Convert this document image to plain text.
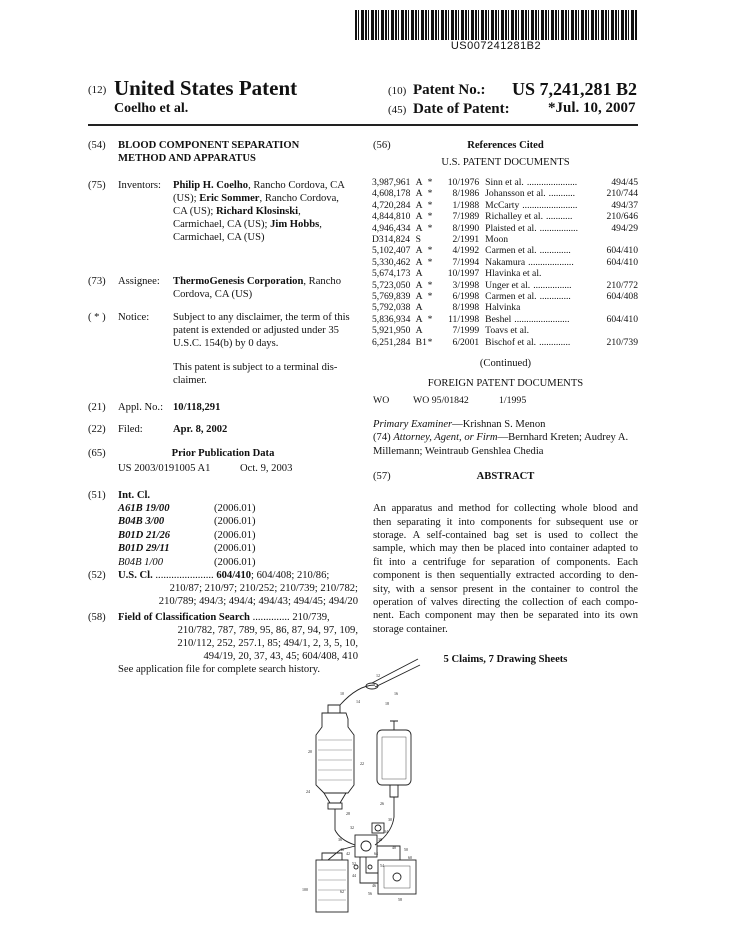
US007241281B2
(12) United States Patent
Coelho et al.
(10) Patent No.: US 7,241,281 B2
(45) Date of Patent:	*Jul. 10, 2007
(54) BLOOD COMPONENT SEPARATION
METHOD AND APPARATUS
(75) Inventors: Philip H. Coelho, Rancho Cordova, CA
(US); Eric Sommer, Rancho Cordova,
CA (US); Richard Klosinski,
Carmichael, CA (US); Jim Hobbs,
Carmichael, CA (US)
(73) Assignee: ThermoGenesis Corporation, Rancho
Cordova, CA (US)
( * ) Notice: Subject to any disclaimer, the term of this
patent is extended or adjusted under 35
U.S.C. 154(b) by 0 days.
This patent is subject to a terminal dis-
claimer.
(21) Appl. No.: 10/118,291
(22) Filed:	Apr. 8, 2002
(65)	Prior Publication Data
US 2003/0191005 A1	Oct. 9, 2003
(51) Int. Cl.
A61B 19/00	(2006.01)
B04B 3/00	(2006.01)
B01D 21/26	(2006.01)
B01D 29/11	(2006.01)
B04B 1/00	(2006.01)
(52) U.S. Cl. ...................... 604/410; 604/408; 210/86;
210/87; 210/97; 210/252; 210/739; 210/782;
210/789; 494/3; 494/4; 494/43; 494/45; 494/20
(58) Field of Classification Search .............. 210/739,
210/782, 787, 789, 95, 86, 87, 94, 97, 109,
210/112, 252, 257.1, 85; 494/1, 2, 3, 5, 10,
494/19, 20, 37, 43, 45; 604/408, 410
See application file for complete search history.
(56)	References Cited
U.S. PATENT DOCUMENTS
3,987,961 A *	10/1976 Sinn et al. .....................	494/45
4,608,178 A *	8/1986 Johansson et al. ...........	210/744
4,720,284 A *	1/1988 McCarty .......................	494/37
4,844,810 A *	7/1989 Richalley et al. ...........	210/646
4,946,434 A *	8/1990 Plaisted et al. ................	494/29
D314,824 S	2/1991 Moon
5,102,407 A *	4/1992 Carmen et al. .............	604/410
5,330,462 A *	7/1994 Nakamura ...................	604/410
5,674,173 A	10/1997 Hlavinka et al.
5,723,050 A *	3/1998 Unger et al. ................	210/772
5,769,839 A *	6/1998 Carmen et al. .............	604/408
5,792,038 A	8/1998 Halvinka
5,836,934 A *	11/1998 Beshel .......................	604/410
5,921,950 A	7/1999 Toavs et al.
6,251,284 B1 *	6/2001 Bischof et al. .............	210/739
(Continued)
FOREIGN PATENT DOCUMENTS
WO WO 95/01842	1/1995
Primary Examiner—Krishnan S. Menon
(74) Attorney, Agent, or Firm—Bernhard Kreten; Audrey A.
Millemann; Weintraub Genshlea Chedia
(57)	ABSTRACT
An apparatus and method for collecting whole blood and
then separating it into components for subsequent use or
storage. A self-contained bag set is used to collect the
sample, which may then be placed into container adapted to
fit into a centrifuge for separation of components. Each
component is then sequentially extracted according to den-
sity, with a sensor present in the container to control the
operation of valves directing the collection of each compo-
nent. Each component may then be separated into its own
storage container.
5 Claims, 7 Drawing Sheets
10
12
14
16
18
20
22
24
26
28
30
32
34
36	38
40
42
44
46
48	50
52	54
56
58
60
62
64
100
